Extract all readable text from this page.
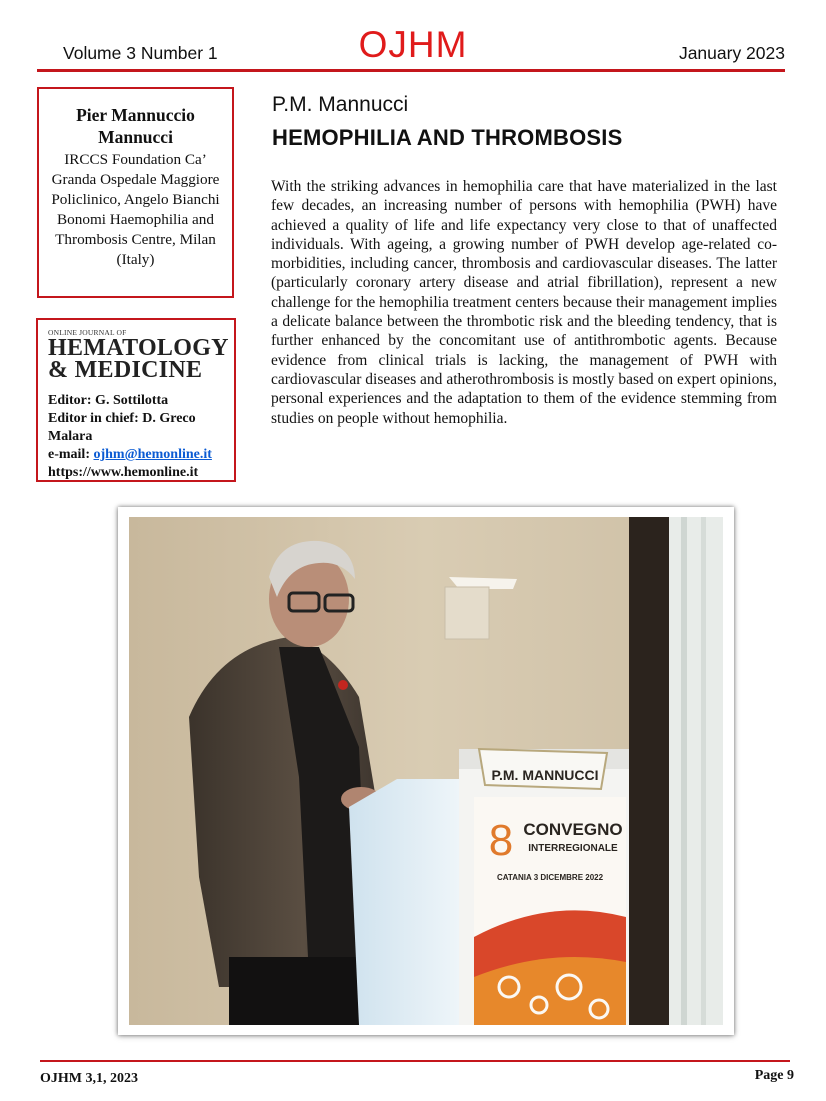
Volume 3 Number 1	OJHM	January 2023
Pier Mannuccio Mannucci
IRCCS Foundation Ca’ Granda Ospedale Maggiore Policlinico, Angelo Bianchi Bonomi Haemophilia and Thrombosis Centre, Milan (Italy)
ONLINE JOURNAL OF
HEMATOLOGY
& MEDICINE
Editor: G. Sottilotta
Editor in chief: D. Greco
Malara
e-mail: ojhm@hemonline.it
https://www.hemonline.it
P.M. Mannucci
HEMOPHILIA AND THROMBOSIS

With the striking advances in hemophilia care that have materialized in the last few decades, an increasing number of persons with hemophilia (PWH) have achieved a quality of life and life expectancy very close to that of unaffected individuals. With ageing, a growing number of PWH develop age-related co-morbidities, including cancer, thrombosis and cardiovascular diseases. The latter (particularly coronary artery disease and atrial fibrillation), represent a new challenge for the hemophilia treatment centers because their management implies a delicate balance between the thrombotic risk and the bleeding tendency, that is further enhanced by the concomitant use of antithrombotic agents. Because evidence from clinical trials is lacking, the management of PWH with cardiovascular diseases and atherothrombosis is mostly based on expert opinions, personal experiences and the adaptation to them of the evidence stemming from studies on people without hemophilia.

P.M. MANNUCCI
8 CONVEGNO
INTERREGIONALE
CATANIA 3 DICEMBRE 2022
OJHM 3,1, 2023	Page 9
